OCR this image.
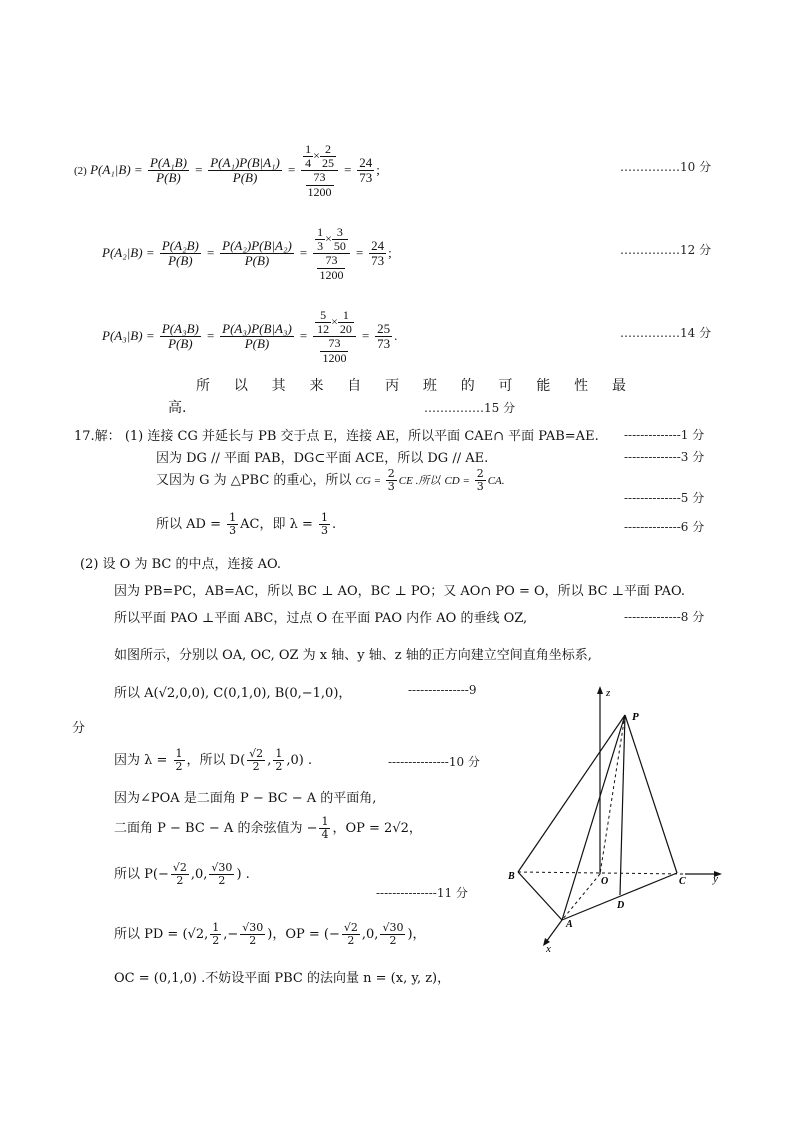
(2) $P(A_1|B) = \frac{\text{P(A₁B)}}{P(B)} = \frac{\text{P(A₁)P(B|A₁)}}{P(B)} = \frac{\frac{1}{4} \times \frac{2}{25}}{\frac{73}{1200}} = \frac{24}{73}$ ;	……………10 分
$P(A_2|B) = \frac{\text{P(A₂B)}}{P(B)} = \frac{\text{P(A₂)P(B|A₂)}}{P(B)} = \frac{\frac{1}{3} \times \frac{3}{50}}{\frac{73}{1200}} = \frac{24}{73}$ ;	……………12 分
$P(A_3|B) = \frac{\text{P(A₃B)}}{P(B)} = \frac{\text{P(A₃)P(B|A₃)}}{P(B)} = \frac{\frac{5}{12} \times \frac{1}{20}}{\frac{73}{1200}} = \frac{25}{73}$ .	……………14 分
所 以 其 来 自 丙 班 的 可 能 性 最
高.	……………15 分
17.解： (1) 连接 CG 并延长与 PB 交于点 E，连接 AE，所以平面 CAE∩ 平面 PAB=AE. --------------1 分
因为 DG // 平面 PAB，DG⊂平面 ACE，所以 DG // AE.	--------------3 分
又因为 G 为 △PBC 的重心，所以 CG = $\frac{2}{3}$ CE .所以 CD = $\frac{2}{3}$ CA.
--------------5 分
所以 AD = $\frac{1}{3}$ AC，即 $\lambda = \frac{1}{3}$ .	--------------6 分
(2) 设 O 为 BC 的中点，连接 AO.
因为 PB=PC，AB=AC，所以 BC ⊥ AO，BC ⊥ PO；又 AO∩ PO = O，所以 BC ⊥平面 PAO.
所以平面 PAO ⊥平面 ABC，过点 O 在平面 PAO 内作 AO 的垂线 OZ,	--------------8 分
如图所示，分别以 OA, OC, OZ 为 x 轴、y 轴、z 轴的正方向建立空间直角坐标系,
所以 A(√2,0,0), C(0,1,0), B(0,−1,0)，	---------------9
分
因为 $\lambda = \frac{1}{2}$ ，所以 $D( \frac{√2}{2}$ , $\frac{1}{2} ,0$) .	---------------10 分
因为∠POA 是二面角 P − BC − A 的平面角,
二面角 P − BC − A 的余弦值为 − $\frac{1}{4}$ ，OP = 2√2，
所以 $P(- \frac{√2}{2} ,0$, $\frac{√30}{2}$ ) .
---------------11 分
所以 PD = (√2, $\frac{1}{2}$ ,− $\frac{√30}{2}$ )，OP = (− $\frac{√2}{2} ,0$, $\frac{√30}{2}$ )，
OC = (0,1,0) .不妨设平面 PBC 的法向量 n = (x, y, z)，
z
P
B	O	C y
D
A
x
